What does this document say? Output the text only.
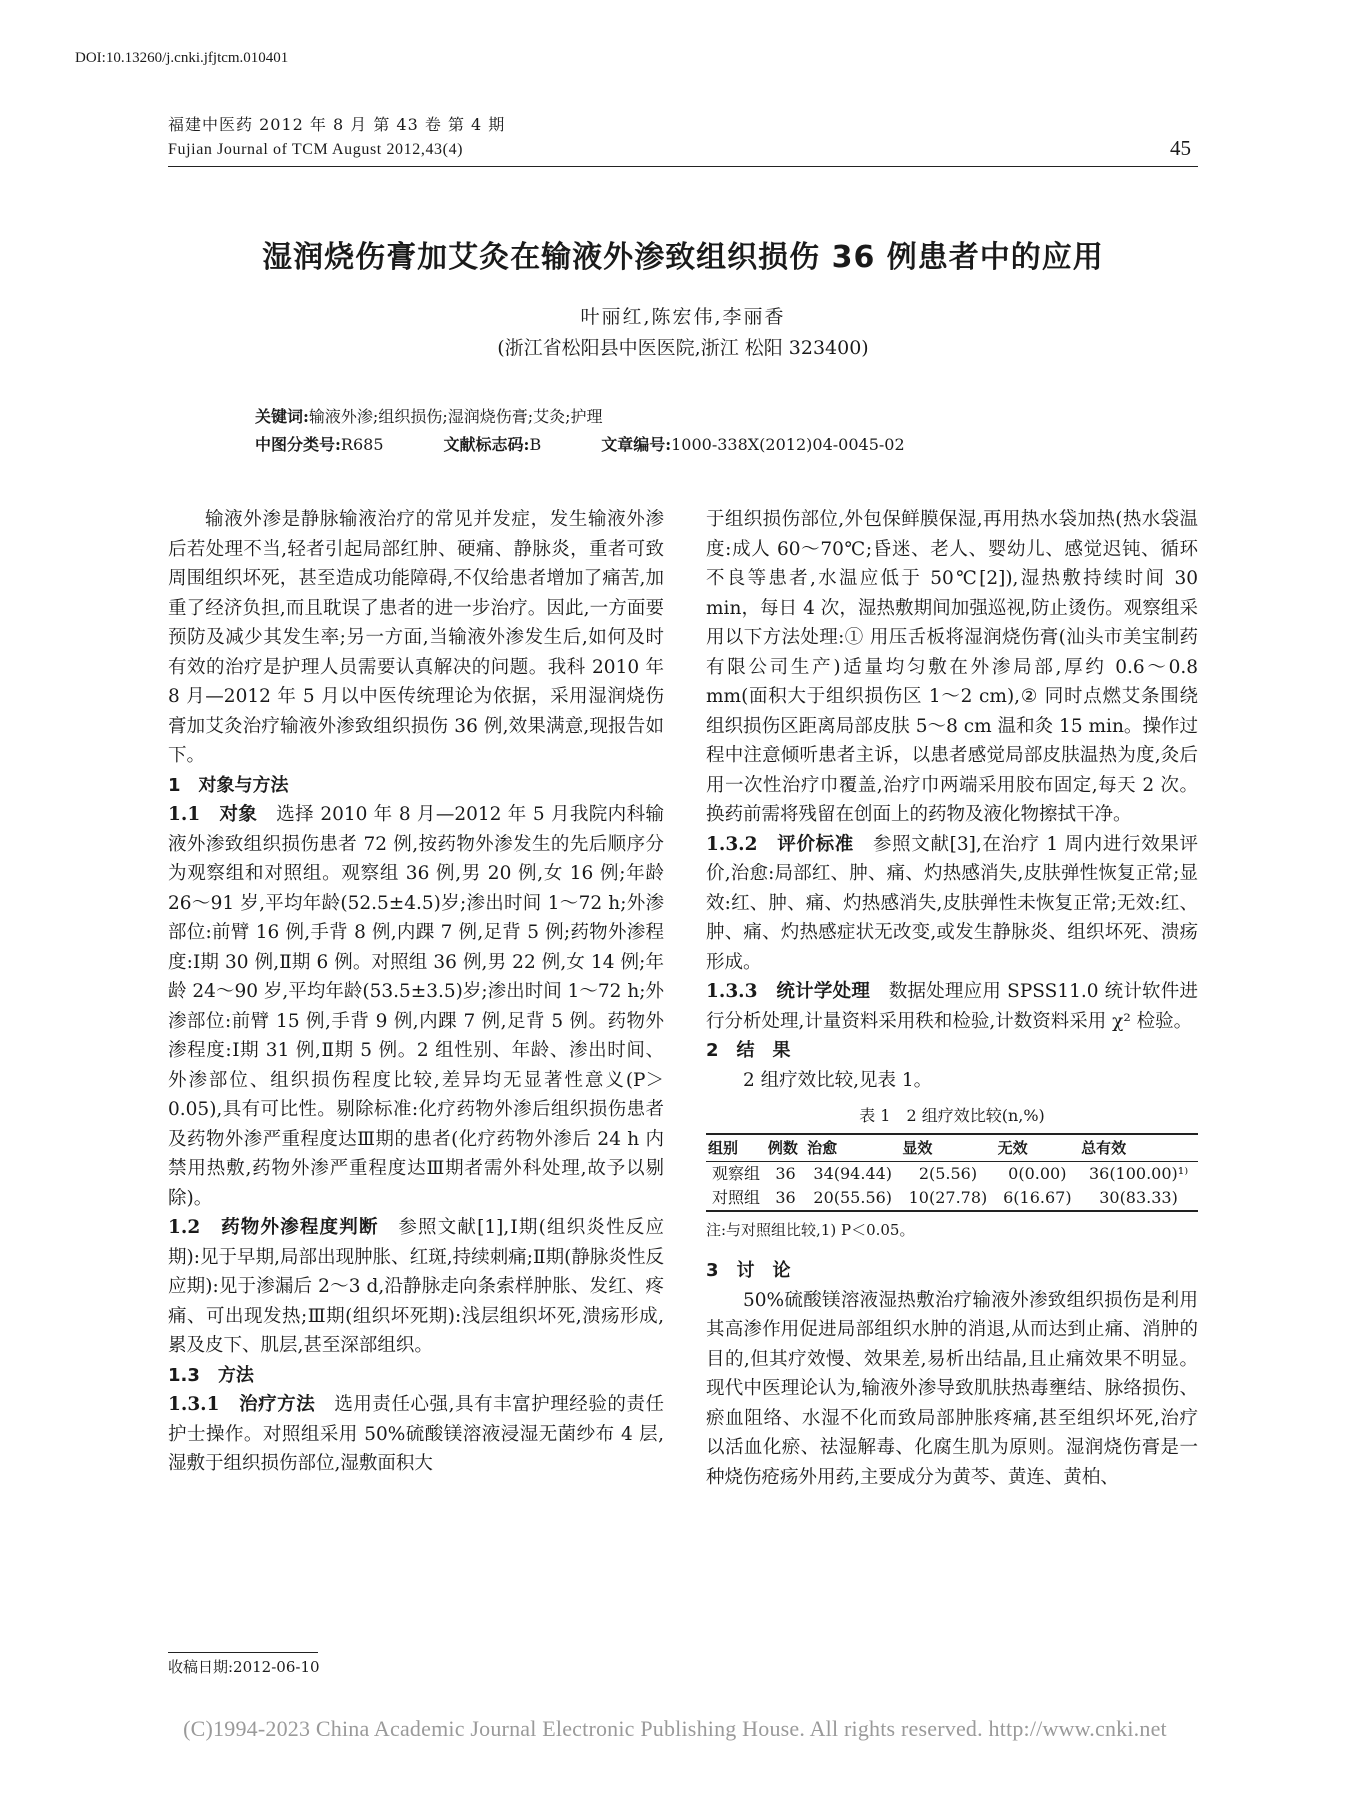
DOI:10.13260/j.cnki.jfjtcm.010401
福建中医药 2012 年 8 月 第 43 卷 第 4 期
Fujian Journal of TCM August 2012,43(4)	45
湿润烧伤膏加艾灸在输液外渗致组织损伤 36 例患者中的应用
叶丽红,陈宏伟,李丽香
(浙江省松阳县中医医院,浙江 松阳 323400)
关键词:输液外渗;组织损伤;湿润烧伤膏;艾灸;护理
中图分类号:R685	文献标志码:B	文章编号:1000-338X(2012)04-0045-02

输液外渗是静脉输液治疗的常见并发症，发生输液外渗后若处理不当,轻者引起局部红肿、硬痛、静脉炎，重者可致周围组织坏死，甚至造成功能障碍,不仅给患者增加了痛苦,加重了经济负担,而且耽误了患者的进一步治疗。因此,一方面要预防及减少其发生率;另一方面,当输液外渗发生后,如何及时有效的治疗是护理人员需要认真解决的问题。我科 2010 年 8 月—2012 年 5 月以中医传统理论为依据，采用湿润烧伤膏加艾灸治疗输液外渗致组织损伤 36 例,效果满意,现报告如下。

1　对象与方法

1.1　对象　选择 2010 年 8 月—2012 年 5 月我院内科输液外渗致组织损伤患者 72 例,按药物外渗发生的先后顺序分为观察组和对照组。观察组 36 例,男 20 例,女 16 例;年龄 26～91 岁,平均年龄(52.5±4.5)岁;渗出时间 1～72 h;外渗部位:前臂 16 例,手背 8 例,内踝 7 例,足背 5 例;药物外渗程度:Ⅰ期 30 例,Ⅱ期 6 例。对照组 36 例,男 22 例,女 14 例;年龄 24～90 岁,平均年龄(53.5±3.5)岁;渗出时间 1～72 h;外渗部位:前臂 15 例,手背 9 例,内踝 7 例,足背 5 例。药物外渗程度:Ⅰ期 31 例,Ⅱ期 5 例。2 组性别、年龄、渗出时间、外渗部位、组织损伤程度比较,差异均无显著性意义(P＞0.05),具有可比性。剔除标准:化疗药物外渗后组织损伤患者及药物外渗严重程度达Ⅲ期的患者(化疗药物外渗后 24 h 内禁用热敷,药物外渗严重程度达Ⅲ期者需外科处理,故予以剔除)。

1.2　药物外渗程度判断　参照文献[1],Ⅰ期(组织炎性反应期):见于早期,局部出现肿胀、红斑,持续刺痛;Ⅱ期(静脉炎性反应期):见于渗漏后 2～3 d,沿静脉走向条索样肿胀、发红、疼痛、可出现发热;Ⅲ期(组织坏死期):浅层组织坏死,溃疡形成,累及皮下、肌层,甚至深部组织。

1.3　方法

1.3.1　治疗方法　选用责任心强,具有丰富护理经验的责任护士操作。对照组采用 50%硫酸镁溶液浸湿无菌纱布 4 层,湿敷于组织损伤部位,湿敷面积大

收稿日期:2012-06-10

于组织损伤部位,外包保鲜膜保湿,再用热水袋加热(热水袋温度:成人 60～70℃;昏迷、老人、婴幼儿、感觉迟钝、循环不良等患者,水温应低于 50℃[2]),湿热敷持续时间 30 min，每日 4 次，湿热敷期间加强巡视,防止烫伤。观察组采用以下方法处理:① 用压舌板将湿润烧伤膏(汕头市美宝制药有限公司生产)适量均匀敷在外渗局部,厚约 0.6～0.8 mm(面积大于组织损伤区 1～2 cm),② 同时点燃艾条围绕组织损伤区距离局部皮肤 5～8 cm 温和灸 15 min。操作过程中注意倾听患者主诉，以患者感觉局部皮肤温热为度,灸后用一次性治疗巾覆盖,治疗巾两端采用胶布固定,每天 2 次。换药前需将残留在创面上的药物及液化物擦拭干净。

1.3.2　评价标准　参照文献[3],在治疗 1 周内进行效果评价,治愈:局部红、肿、痛、灼热感消失,皮肤弹性恢复正常;显效:红、肿、痛、灼热感消失,皮肤弹性未恢复正常;无效:红、肿、痛、灼热感症状无改变,或发生静脉炎、组织坏死、溃疡形成。

1.3.3　统计学处理　数据处理应用 SPSS11.0 统计软件进行分析处理,计量资料采用秩和检验,计数资料采用 χ² 检验。

2　结　果

2 组疗效比较,见表 1。

表 1　2 组疗效比较(n,%)
组别	例数	治愈	显效	无效	总有效
观察组	36	34(94.44)	2(5.56)	0(0.00)	36(100.00)¹⁾
对照组	36	20(55.56)	10(27.78)	6(16.67)	30(83.33)
注:与对照组比较,1) P＜0.05。

3　讨　论

50%硫酸镁溶液湿热敷治疗输液外渗致组织损伤是利用其高渗作用促进局部组织水肿的消退,从而达到止痛、消肿的目的,但其疗效慢、效果差,易析出结晶,且止痛效果不明显。现代中医理论认为,输液外渗导致肌肤热毒壅结、脉络损伤、瘀血阻络、水湿不化而致局部肿胀疼痛,甚至组织坏死,治疗以活血化瘀、祛湿解毒、化腐生肌为原则。湿润烧伤膏是一种烧伤疮疡外用药,主要成分为黄芩、黄连、黄柏、

(C)1994-2023 China Academic Journal Electronic Publishing House. All rights reserved. http://www.cnki.net
